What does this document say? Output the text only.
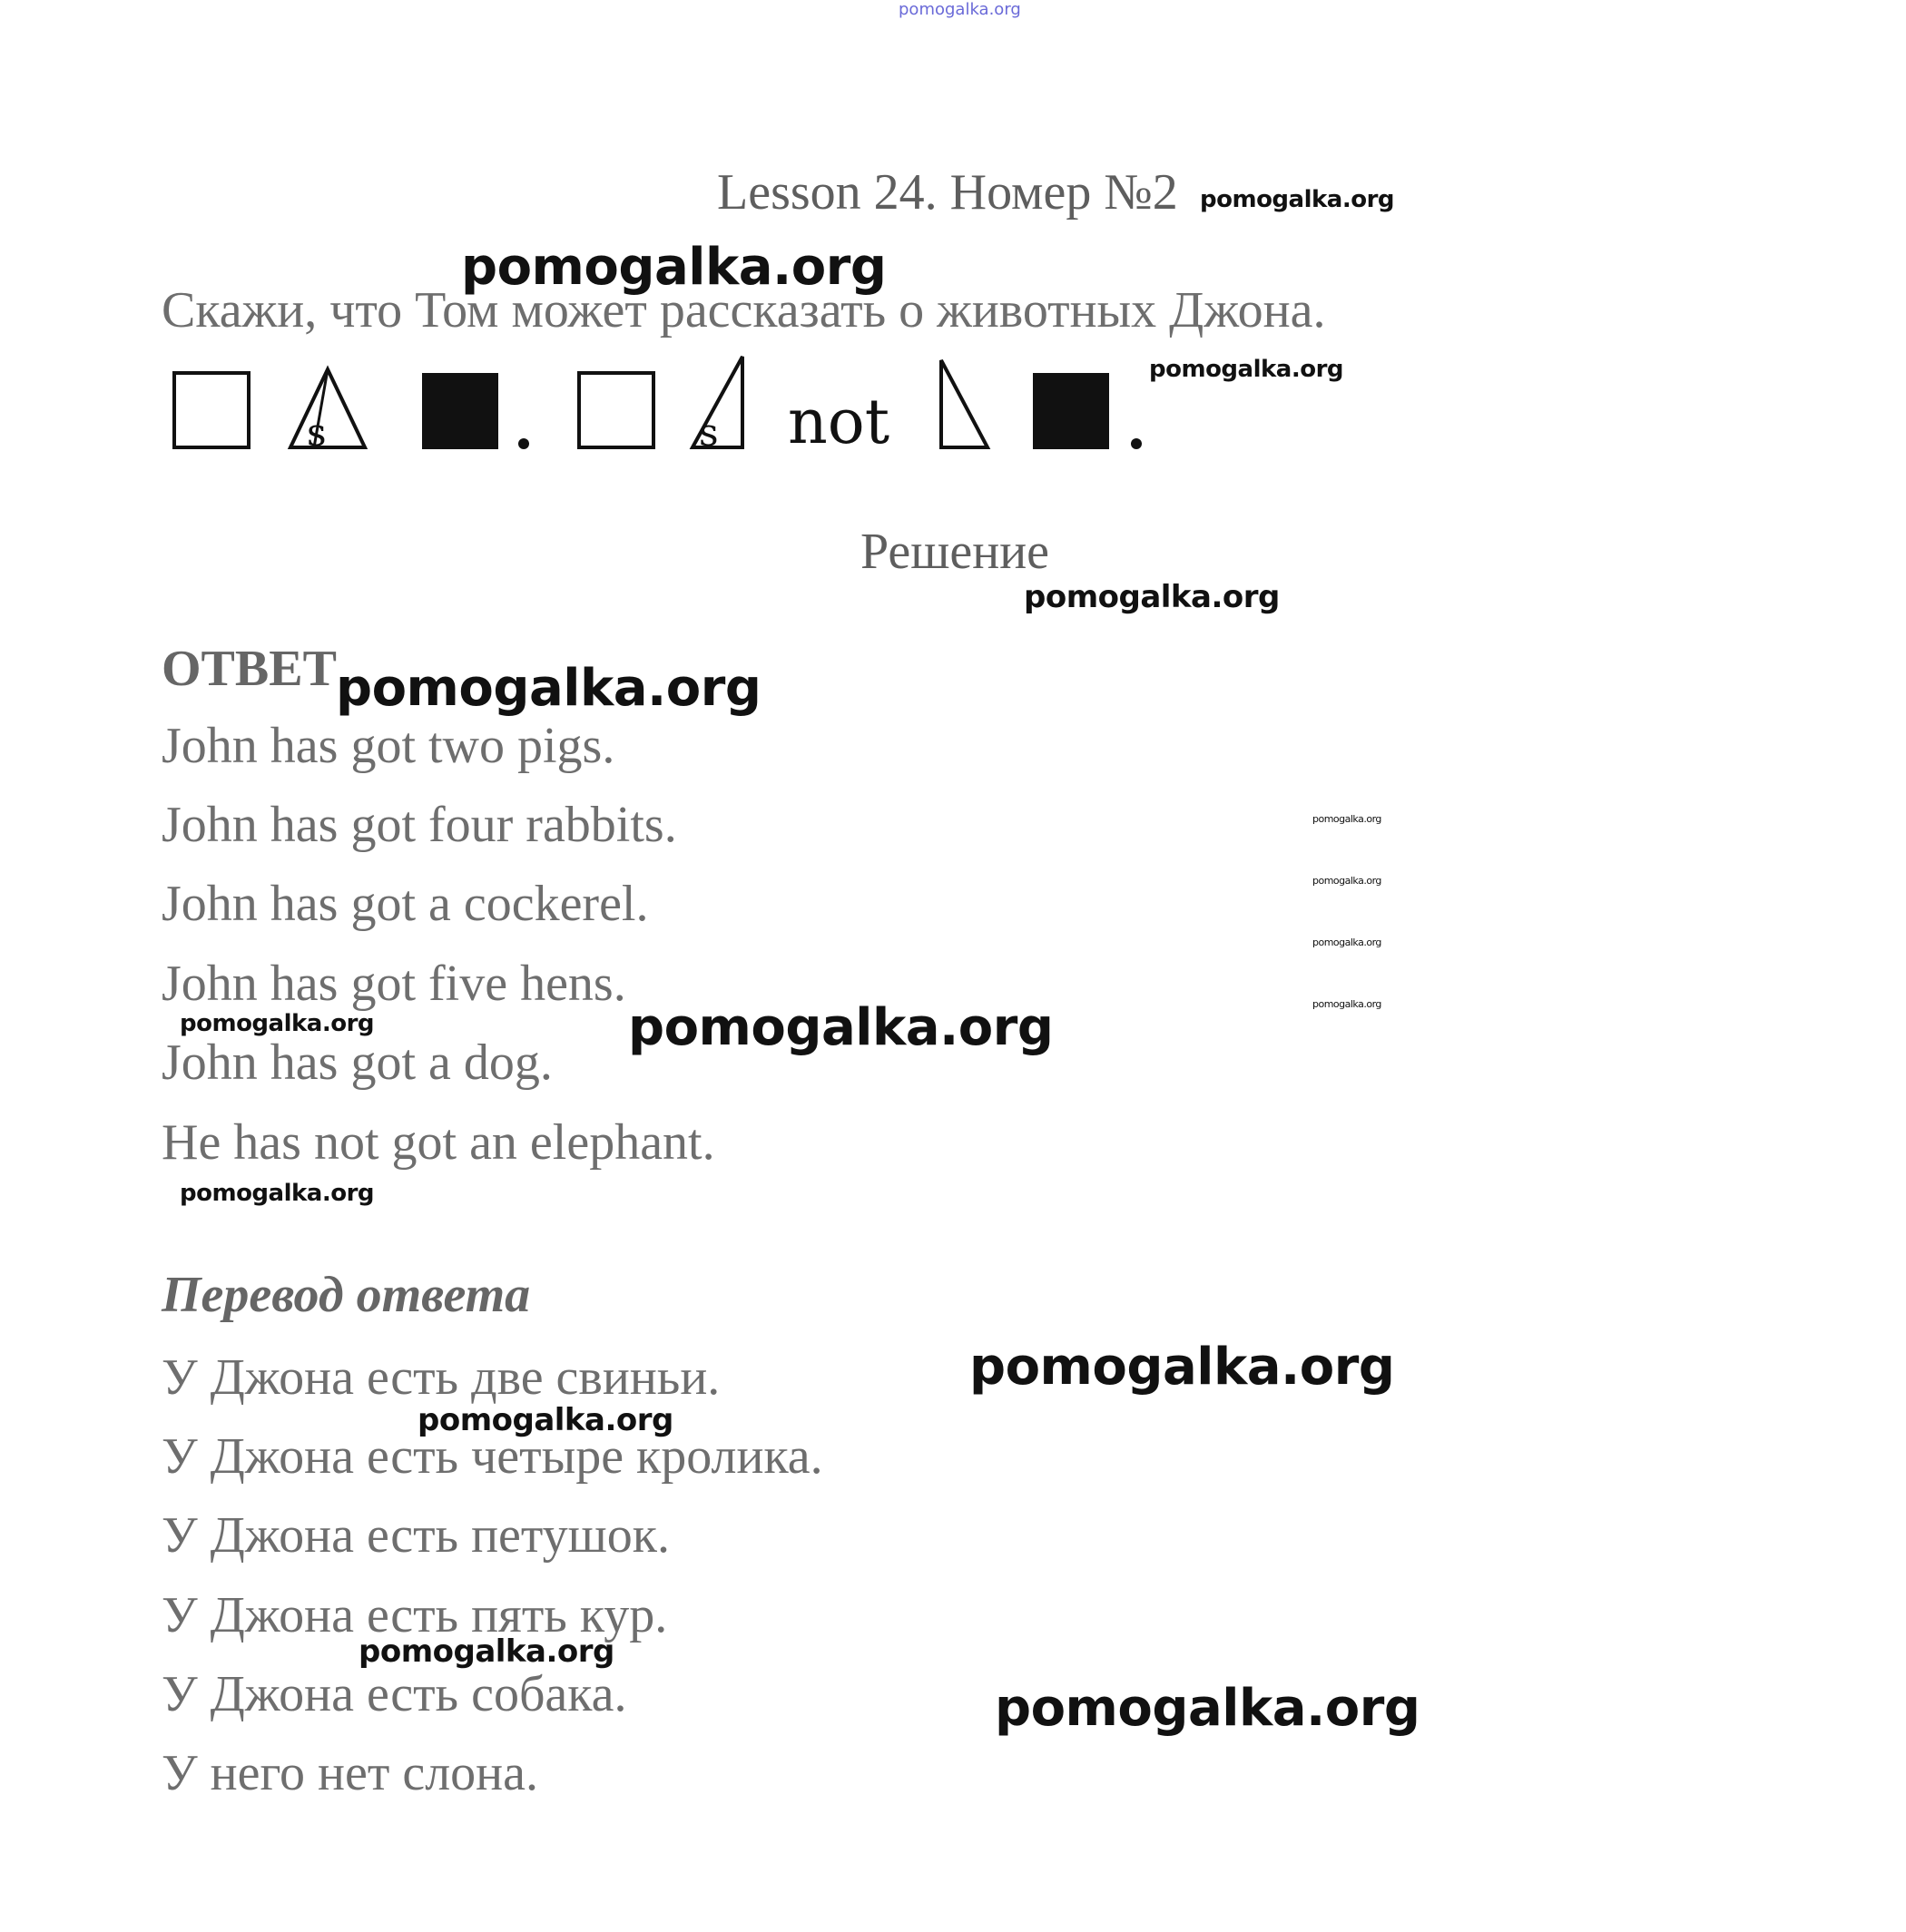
pomogalka.org
Lesson 24. Номер №2 pomogalka.org
Скажи, что Том может рассказать о животных Джона.
pomogalka.org
s	s not
pomogalka.org
Решение
pomogalka.org
ОТВЕТ pomogalka.org
John has got two pigs.
John has got four rabbits.
John has got a cockerel.
John has got five hens.
John has got a dog.
He has not got an elephant.
pomogalka.org
pomogalka.org
pomogalka.org
pomogalka.org
pomogalka.org	pomogalka.org
pomogalka.org
Перевод ответа
У Джона есть две свиньи.
У Джона есть четыре кролика.
У Джона есть петушок.
У Джона есть пять кур.
У Джона есть собака.
У него нет слона.
pomogalka.org
pomogalka.org
pomogalka.org
pomogalka.org
